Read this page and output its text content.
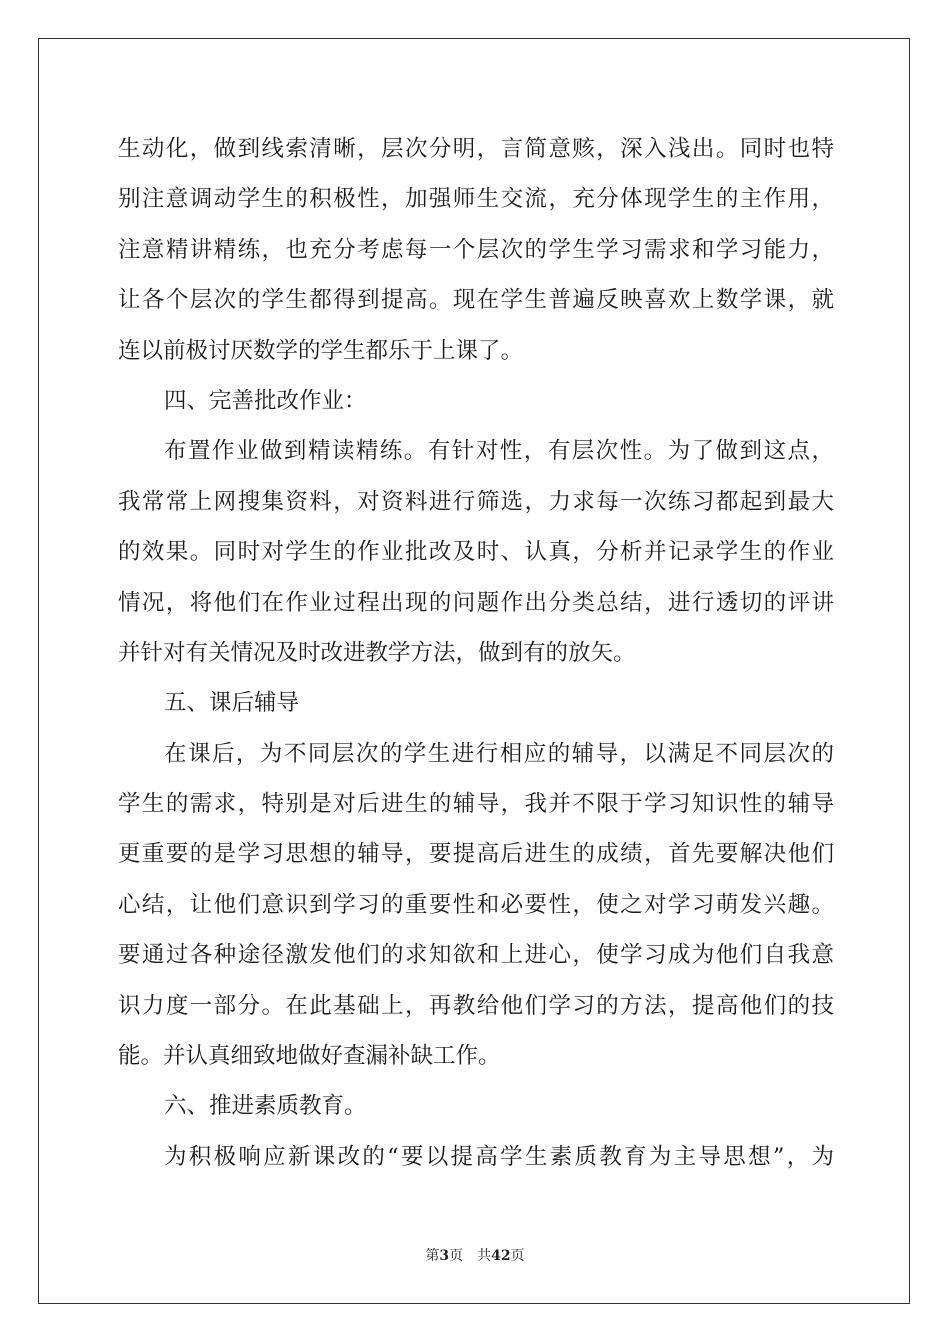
生动化，做到线索清晰，层次分明，言简意赅，深入浅出。同时也特
别注意调动学生的积极性，加强师生交流，充分体现学生的主作用，
注意精讲精练，也充分考虑每一个层次的学生学习需求和学习能力，
让各个层次的学生都得到提高。现在学生普遍反映喜欢上数学课，就
连以前极讨厌数学的学生都乐于上课了。
四、完善批改作业：
布置作业做到精读精练。有针对性，有层次性。为了做到这点，
我常常上网搜集资料，对资料进行筛选，力求每一次练习都起到最大
的效果。同时对学生的作业批改及时、认真，分析并记录学生的作业
情况，将他们在作业过程出现的问题作出分类总结，进行透切的评讲
并针对有关情况及时改进教学方法，做到有的放矢。
五、课后辅导
在课后，为不同层次的学生进行相应的辅导，以满足不同层次的
学生的需求，特别是对后进生的辅导，我并不限于学习知识性的辅导
更重要的是学习思想的辅导，要提高后进生的成绩，首先要解决他们
心结，让他们意识到学习的重要性和必要性，使之对学习萌发兴趣。
要通过各种途径激发他们的求知欲和上进心，使学习成为他们自我意
识力度一部分。在此基础上，再教给他们学习的方法，提高他们的技
能。并认真细致地做好查漏补缺工作。
六、推进素质教育。
为积极响应新课改的“要以提高学生素质教育为主导思想”，为
第3页 共42页
